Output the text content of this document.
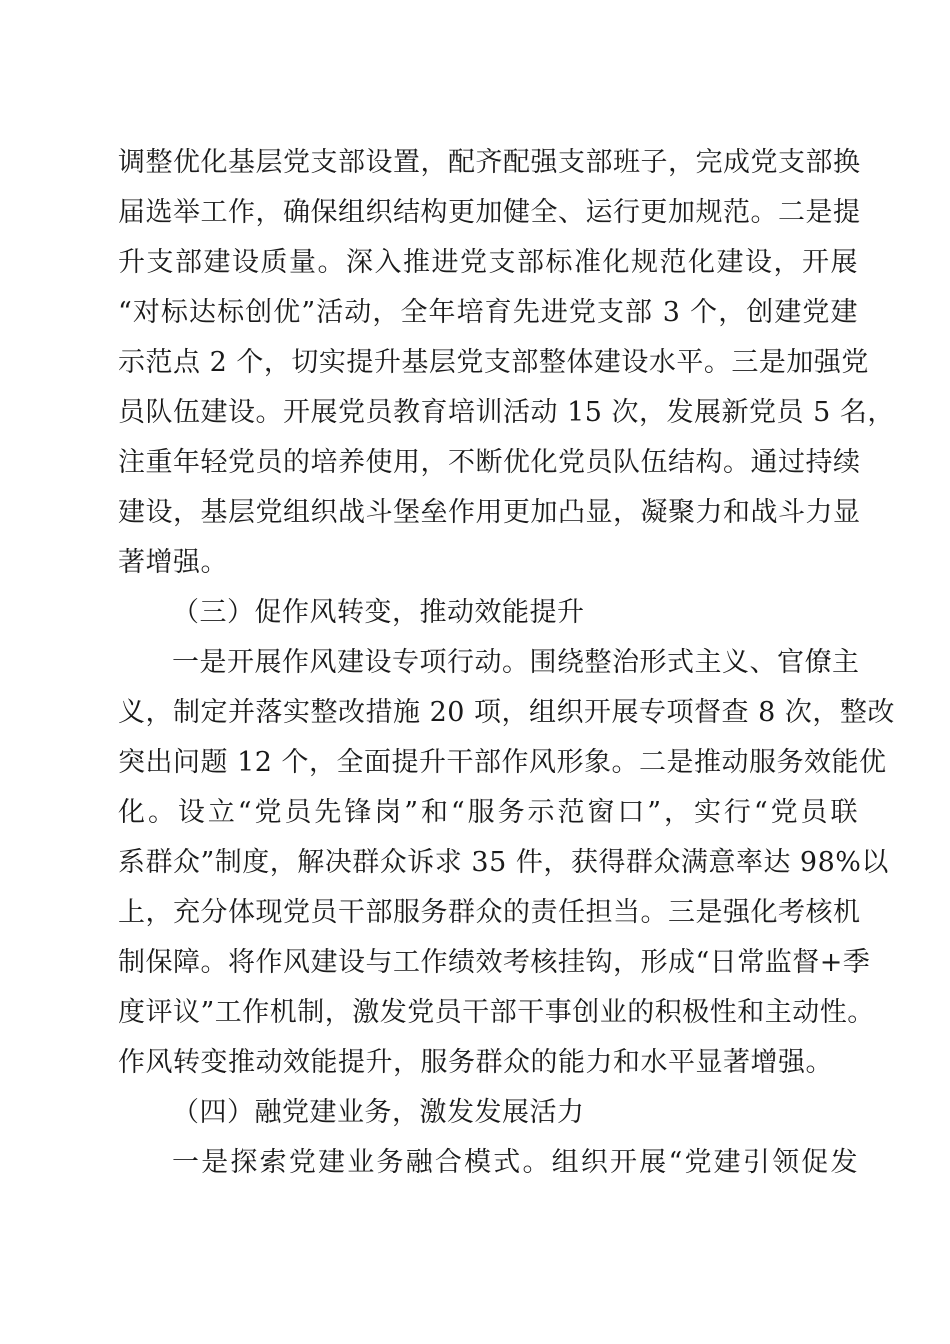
调整优化基层党支部设置，配齐配强支部班子，完成党支部换
届选举工作，确保组织结构更加健全、运行更加规范。二是提
升支部建设质量。深入推进党支部标准化规范化建设，开展
“对标达标创优”活动，全年培育先进党支部 3 个，创建党建
示范点 2 个，切实提升基层党支部整体建设水平。三是加强党
员队伍建设。开展党员教育培训活动 15 次，发展新党员 5 名，
注重年轻党员的培养使用，不断优化党员队伍结构。通过持续
建设，基层党组织战斗堡垒作用更加凸显，凝聚力和战斗力显
著增强。
（三）促作风转变，推动效能提升
一是开展作风建设专项行动。围绕整治形式主义、官僚主
义，制定并落实整改措施 20 项，组织开展专项督查 8 次，整改
突出问题 12 个，全面提升干部作风形象。二是推动服务效能优
化。设立“党员先锋岗”和“服务示范窗口”，实行“党员联
系群众”制度，解决群众诉求 35 件，获得群众满意率达 98%以
上，充分体现党员干部服务群众的责任担当。三是强化考核机
制保障。将作风建设与工作绩效考核挂钩，形成“日常监督+季
度评议”工作机制，激发党员干部干事创业的积极性和主动性。
作风转变推动效能提升，服务群众的能力和水平显著增强。
（四）融党建业务，激发发展活力
一是探索党建业务融合模式。组织开展“党建引领促发
